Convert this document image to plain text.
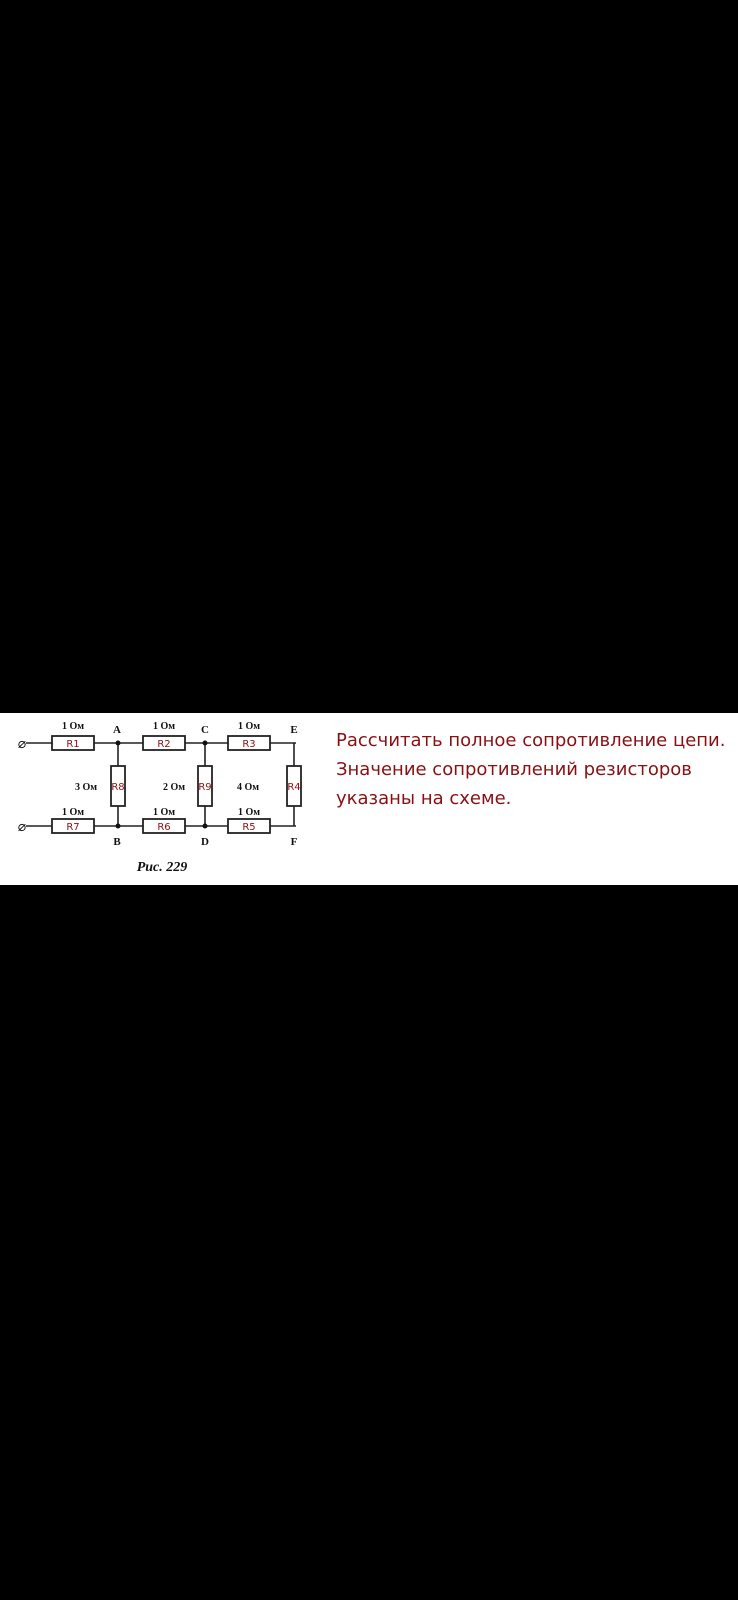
R1	R2	R3
R4
R5
R6
R7
R8	R9
1 Ом	1 Ом	1 Ом
4 Ом
1 Ом
1 Ом
1 Ом
3 Ом	2 Ом
A
B
C
D
E
F
⌀
⌀
Рис. 229
Рассчитать полное сопротивление цепи.
Значение сопротивлений резисторов
указаны на схеме.
